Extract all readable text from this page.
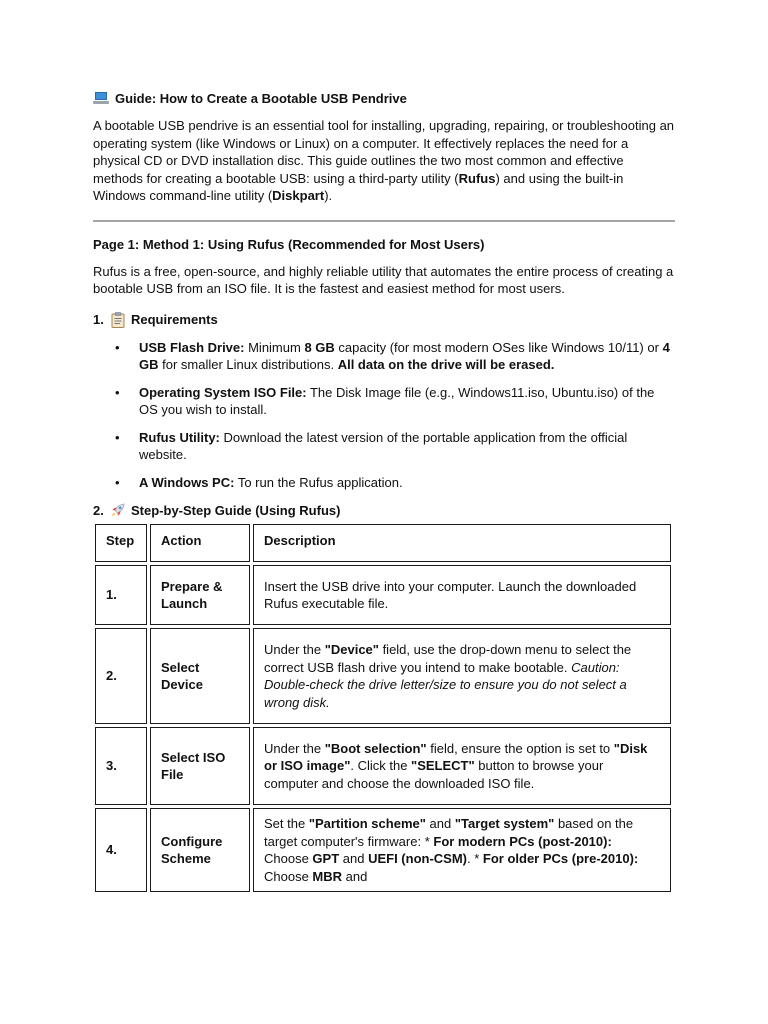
Guide: How to Create a Bootable USB Pendrive

A bootable USB pendrive is an essential tool for installing, upgrading, repairing, or troubleshooting an operating system (like Windows or Linux) on a computer. It effectively replaces the need for a physical CD or DVD installation disc. This guide outlines the two most common and effective methods for creating a bootable USB: using a third-party utility (Rufus) and using the built-in Windows command-line utility (Diskpart).

Page 1: Method 1: Using Rufus (Recommended for Most Users)

Rufus is a free, open-source, and highly reliable utility that automates the entire process of creating a bootable USB from an ISO file. It is the fastest and easiest method for most users.

1.	Requirements
• USB Flash Drive: Minimum 8 GB capacity (for most modern OSes like Windows 10/11) or 4 GB for smaller Linux distributions. All data on the drive will be erased.
• Operating System ISO File: The Disk Image file (e.g., Windows11.iso, Ubuntu.iso) of the OS you wish to install.
• Rufus Utility: Download the latest version of the portable application from the official website.
• A Windows PC: To run the Rufus application.
2.	Step-by-Step Guide (Using Rufus)
Step	Action	Description
1.	Prepare & Launch	Insert the USB drive into your computer. Launch the downloaded Rufus executable file.
2.	Select Device	Under the "Device" field, use the drop-down menu to select the correct USB flash drive you intend to make bootable. Caution: Double-check the drive letter/size to ensure you do not select a wrong disk.
3.	Select ISO File	Under the "Boot selection" field, ensure the option is set to "Disk or ISO image". Click the "SELECT" button to browse your computer and choose the downloaded ISO file.
4.	Configure Scheme	Set the "Partition scheme" and "Target system" based on the target computer's firmware: * For modern PCs (post-2010): Choose GPT and UEFI (non-CSM). * For older PCs (pre-2010): Choose MBR and
